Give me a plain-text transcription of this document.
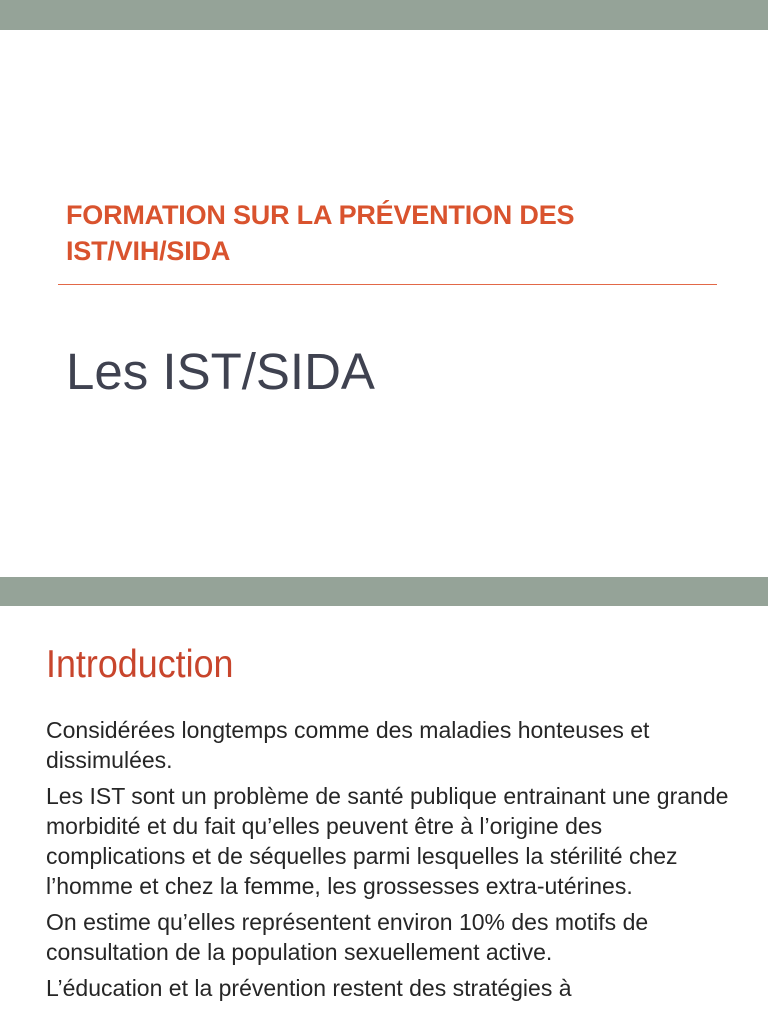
FORMATION SUR LA PRÉVENTION DES IST/VIH/SIDA
Les IST/SIDA
Introduction
Considérées longtemps comme des maladies honteuses et dissimulées.
Les IST sont un problème de santé publique entrainant une grande morbidité et du fait qu’elles peuvent être à l’origine des complications et de séquelles parmi lesquelles la stérilité chez l’homme et chez la femme, les grossesses extra-utérines.
On estime qu’elles représentent environ 10% des motifs de consultation de la population sexuellement active.
L’éducation et la prévention restent des stratégies à
